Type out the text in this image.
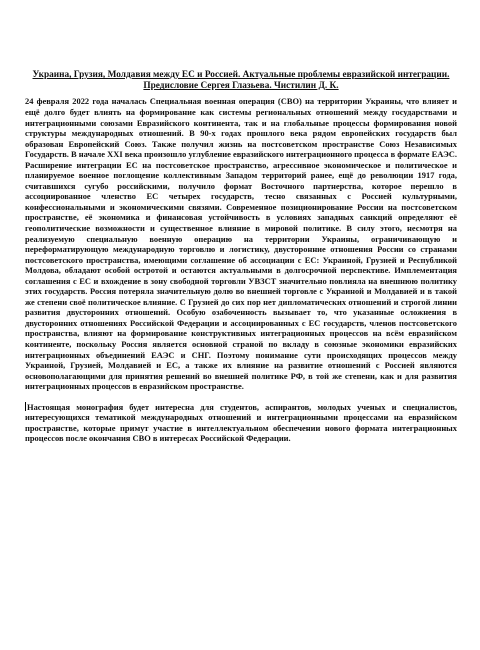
Украина, Грузия, Молдавия между ЕС и Россией. Актуальные проблемы евразийской интеграции. Предисловие Сергея Глазьева. Чистилин Д. К.

24 февраля 2022 года началась Специальная военная операция (СВО) на территории Украины, что влияет и ещё долго будет влиять на формирование как системы региональных отношений между государствами и интеграционными союзами Евразийского континента, так и на глобальные процессы формирования новой структуры международных отношений. В 90-х годах прошлого века рядом европейских государств был образован Европейский Союз. Также получил жизнь на постсоветском пространстве Союз Независимых Государств. В начале XXI века произошло углубление евразийского интеграционного процесса в формате ЕАЭС. Расширение интеграции ЕС на постсоветское пространство, агрессивное экономическое и политическое и планируемое военное поглощение коллективным Западом территорий ранее, ещё до революции 1917 года, считавшихся сугубо российскими, получило формат Восточного партнерства, которое перешло в ассоциированное членство ЕС четырех государств, тесно связанных с Россией культурными, конфессиональными и экономическими связями. Современное позиционирование России на постсоветском пространстве, её экономика и финансовая устойчивость в условиях западных санкций определяют её геополитические возможности и существенное влияние в мировой политике. В силу этого, несмотря на реализуемую специальную военную операцию на территории Украины, ограничивающую и переформатирующую международную торговлю и логистику, двусторонние отношения России со странами постсоветского пространства, имеющими соглашение об ассоциации с ЕС: Украиной, Грузией и Республикой Молдова, обладают особой остротой и остаются актуальными в долгосрочной перспективе. Имплементация соглашения с ЕС и вхождение в зону свободной торговли УВЗСТ значительно повлияла на внешнюю политику этих государств. Россия потеряла значительную долю во внешней торговле с Украиной и Молдавией и в такой же степени своё политическое влияние. С Грузией до сих пор нет дипломатических отношений и строгой линии развития двусторонних отношений. Особую озабоченность вызывает то, что указанные осложнения в двусторонних отношениях Российской Федерации и ассоциированных с ЕС государств, членов постсоветского пространства, влияют на формирование конструктивных интеграционных процессов на всём евразийском континенте, поскольку Россия является основной страной по вкладу в союзные экономики евразийских интеграционных объединений ЕАЭС и СНГ. Поэтому понимание сути происходящих процессов между Украиной, Грузией, Молдавией и ЕС, а также их влияние на развитие отношений с Россией являются основополагающими для принятия решений во внешней политике РФ, в той же степени, как и для развития интеграционных процессов в евразийском пространстве.

Настоящая монография будет интересна для студентов, аспирантов, молодых ученых и специалистов, интересующихся тематикой международных отношений и интеграционными процессами на евразийском пространстве, которые примут участие в интеллектуальном обеспечении нового формата интеграционных процессов после окончания СВО в интересах Российской Федерации.
